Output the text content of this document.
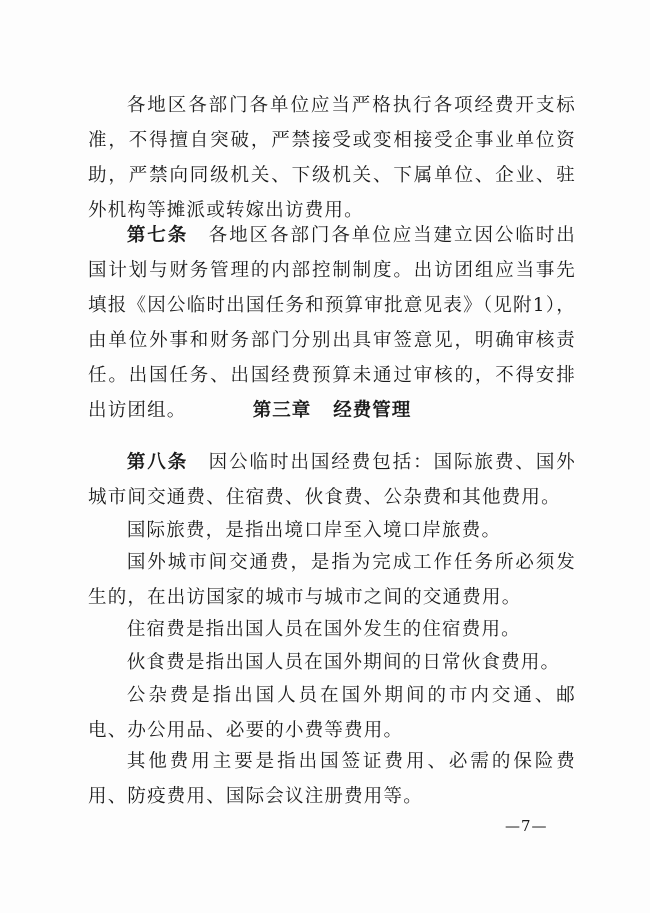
各地区各部门各单位应当严格执行各项经费开支标准，不得擅自突破，严禁接受或变相接受企事业单位资助，严禁向同级机关、下级机关、下属单位、企业、驻外机构等摊派或转嫁出访费用。

第七条　各地区各部门各单位应当建立因公临时出国计划与财务管理的内部控制制度。出访团组应当事先填报《因公临时出国任务和预算审批意见表》（见附1），由单位外事和财务部门分别出具审签意见，明确审核责任。出国任务、出国经费预算未通过审核的，不得安排出访团组。	第三章 经费管理

第八条　因公临时出国经费包括：国际旅费、国外城市间交通费、住宿费、伙食费、公杂费和其他费用。

国际旅费，是指出境口岸至入境口岸旅费。

国外城市间交通费，是指为完成工作任务所必须发生的，在出访国家的城市与城市之间的交通费用。

住宿费是指出国人员在国外发生的住宿费用。

伙食费是指出国人员在国外期间的日常伙食费用。

公杂费是指出国人员在国外期间的市内交通、邮电、办公用品、必要的小费等费用。

其他费用主要是指出国签证费用、必需的保险费用、防疫费用、国际会议注册费用等。

—7—
